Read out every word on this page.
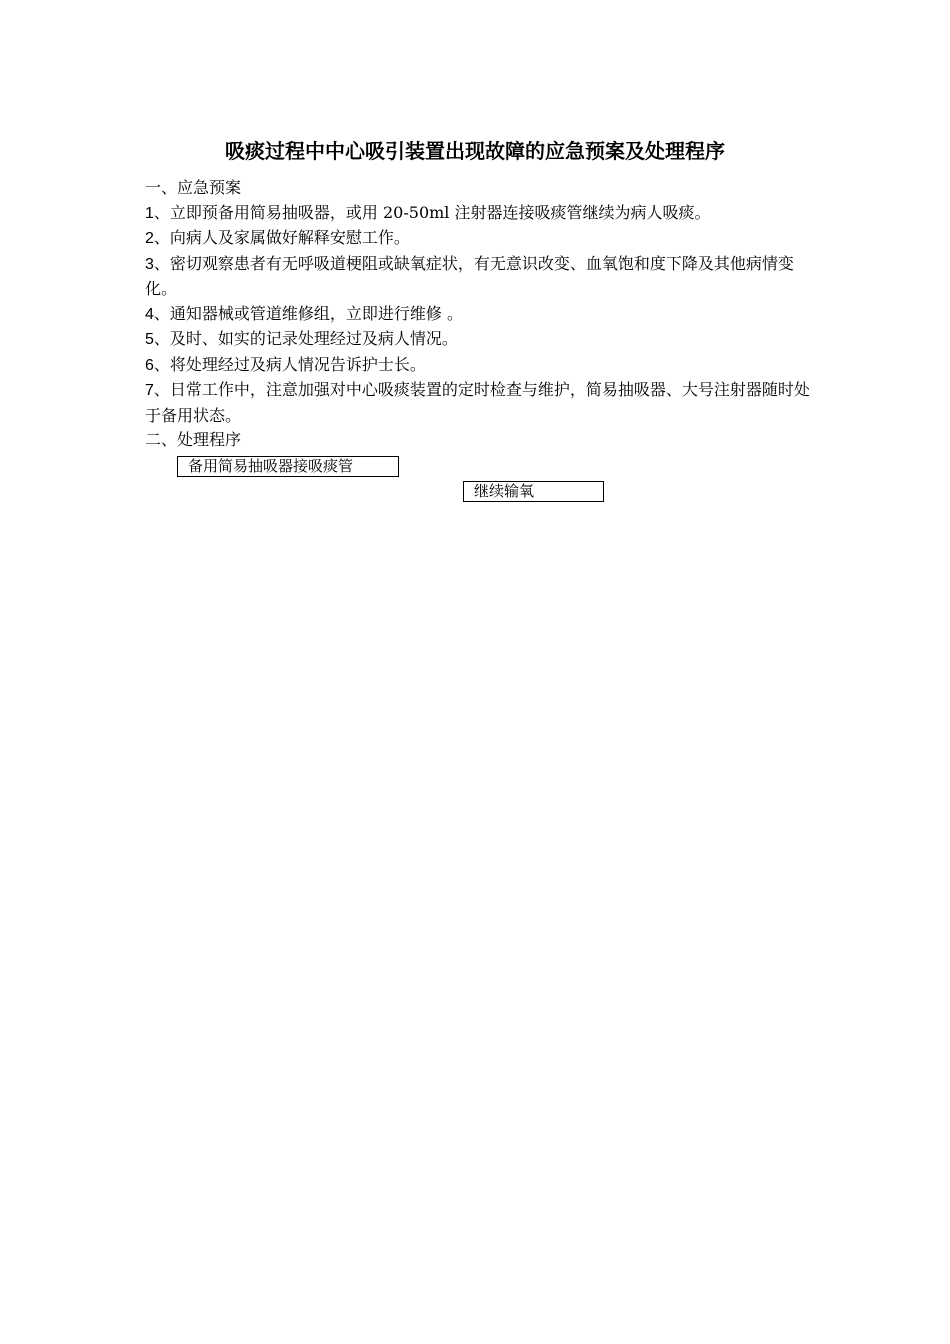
吸痰过程中中心吸引装置出现故障的应急预案及处理程序

一、应急预案

1、立即预备用简易抽吸器，或用 20-50ml 注射器连接吸痰管继续为病人吸痰。

2、向病人及家属做好解释安慰工作。

3、密切观察患者有无呼吸道梗阻或缺氧症状，有无意识改变、血氧饱和度下降及其他病情变化。

4、通知器械或管道维修组，立即进行维修 。

5、及时、如实的记录处理经过及病人情况。

6、将处理经过及病人情况告诉护士长。

7、日常工作中，注意加强对中心吸痰装置的定时检查与维护，简易抽吸器、大号注射器随时处于备用状态。

二、处理程序

备用简易抽吸器接吸痰管
继续输氧
